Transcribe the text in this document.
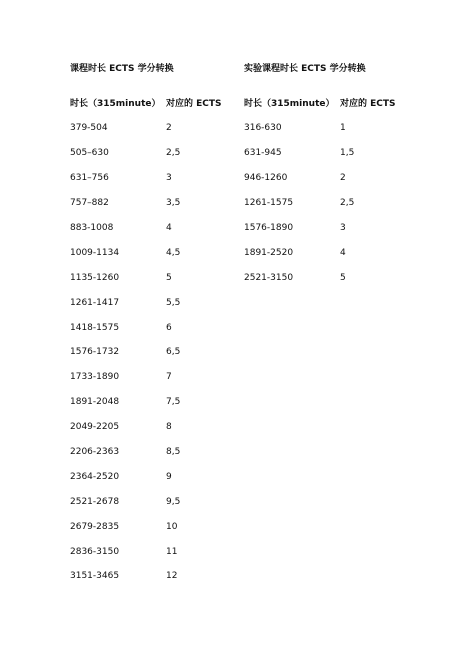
课程时长 ECTS 学分转换
时长（315minute） 对应的 ECTS
379-504	2
505–630	2,5
631–756	3
757–882	3,5
883-1008	4
1009-1134	4,5
1135-1260	5
1261-1417	5,5
1418-1575	6
1576-1732	6,5
1733-1890	7
1891-2048	7,5
2049-2205	8
2206-2363	8,5
2364-2520	9
2521-2678	9,5
2679-2835	10
2836-3150	11
3151-3465	12
实验课程时长 ECTS 学分转换
时长（315minute） 对应的 ECTS
316-630	1
631-945	1,5
946-1260	2
1261-1575	2,5
1576-1890	3
1891-2520	4
2521-3150	5
